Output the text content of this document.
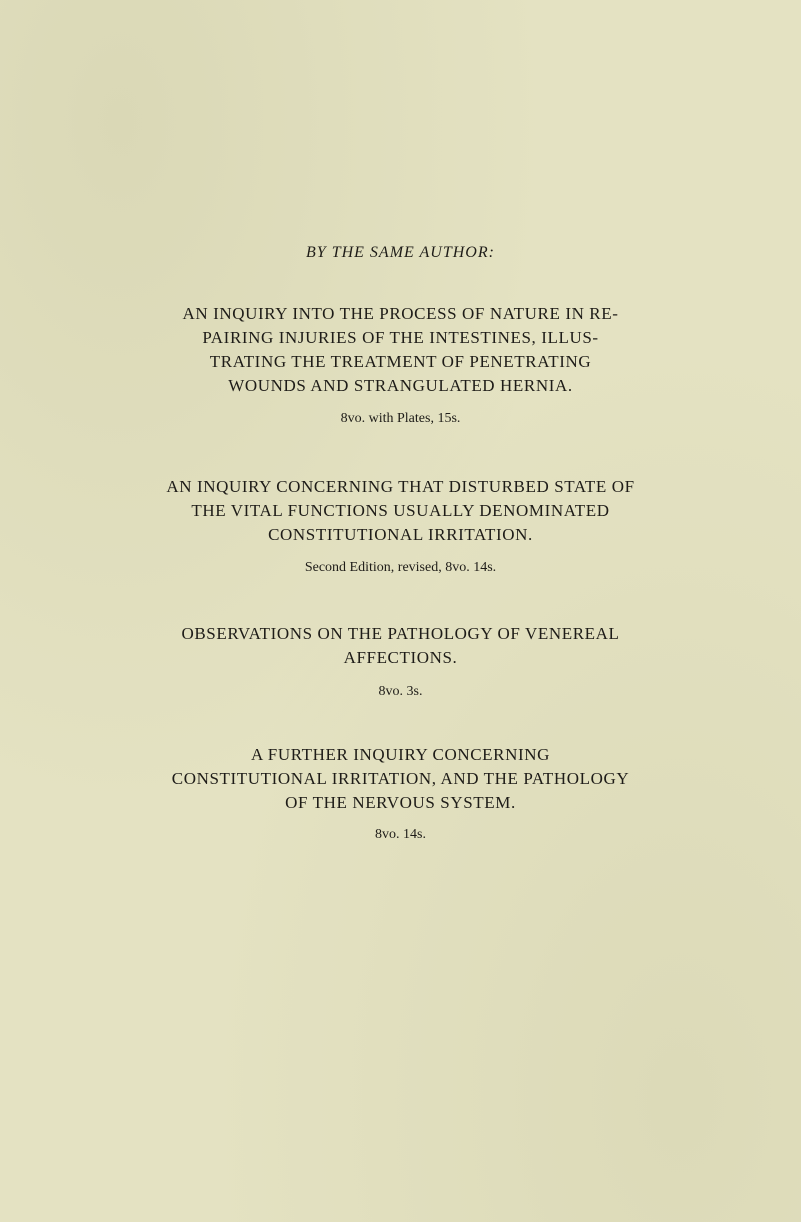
BY THE SAME AUTHOR:
AN INQUIRY INTO THE PROCESS OF NATURE IN RE-
PAIRING INJURIES OF THE INTESTINES, ILLUS-
TRATING THE TREATMENT OF PENETRATING
WOUNDS AND STRANGULATED HERNIA.

8vo. with Plates, 15s.

AN INQUIRY CONCERNING THAT DISTURBED STATE OF
THE VITAL FUNCTIONS USUALLY DENOMINATED
CONSTITUTIONAL IRRITATION.

Second Edition, revised, 8vo. 14s.

OBSERVATIONS ON THE PATHOLOGY OF VENEREAL
AFFECTIONS.

8vo. 3s.

A FURTHER INQUIRY CONCERNING
CONSTITUTIONAL IRRITATION, AND THE PATHOLOGY
OF THE NERVOUS SYSTEM.

8vo. 14s.
